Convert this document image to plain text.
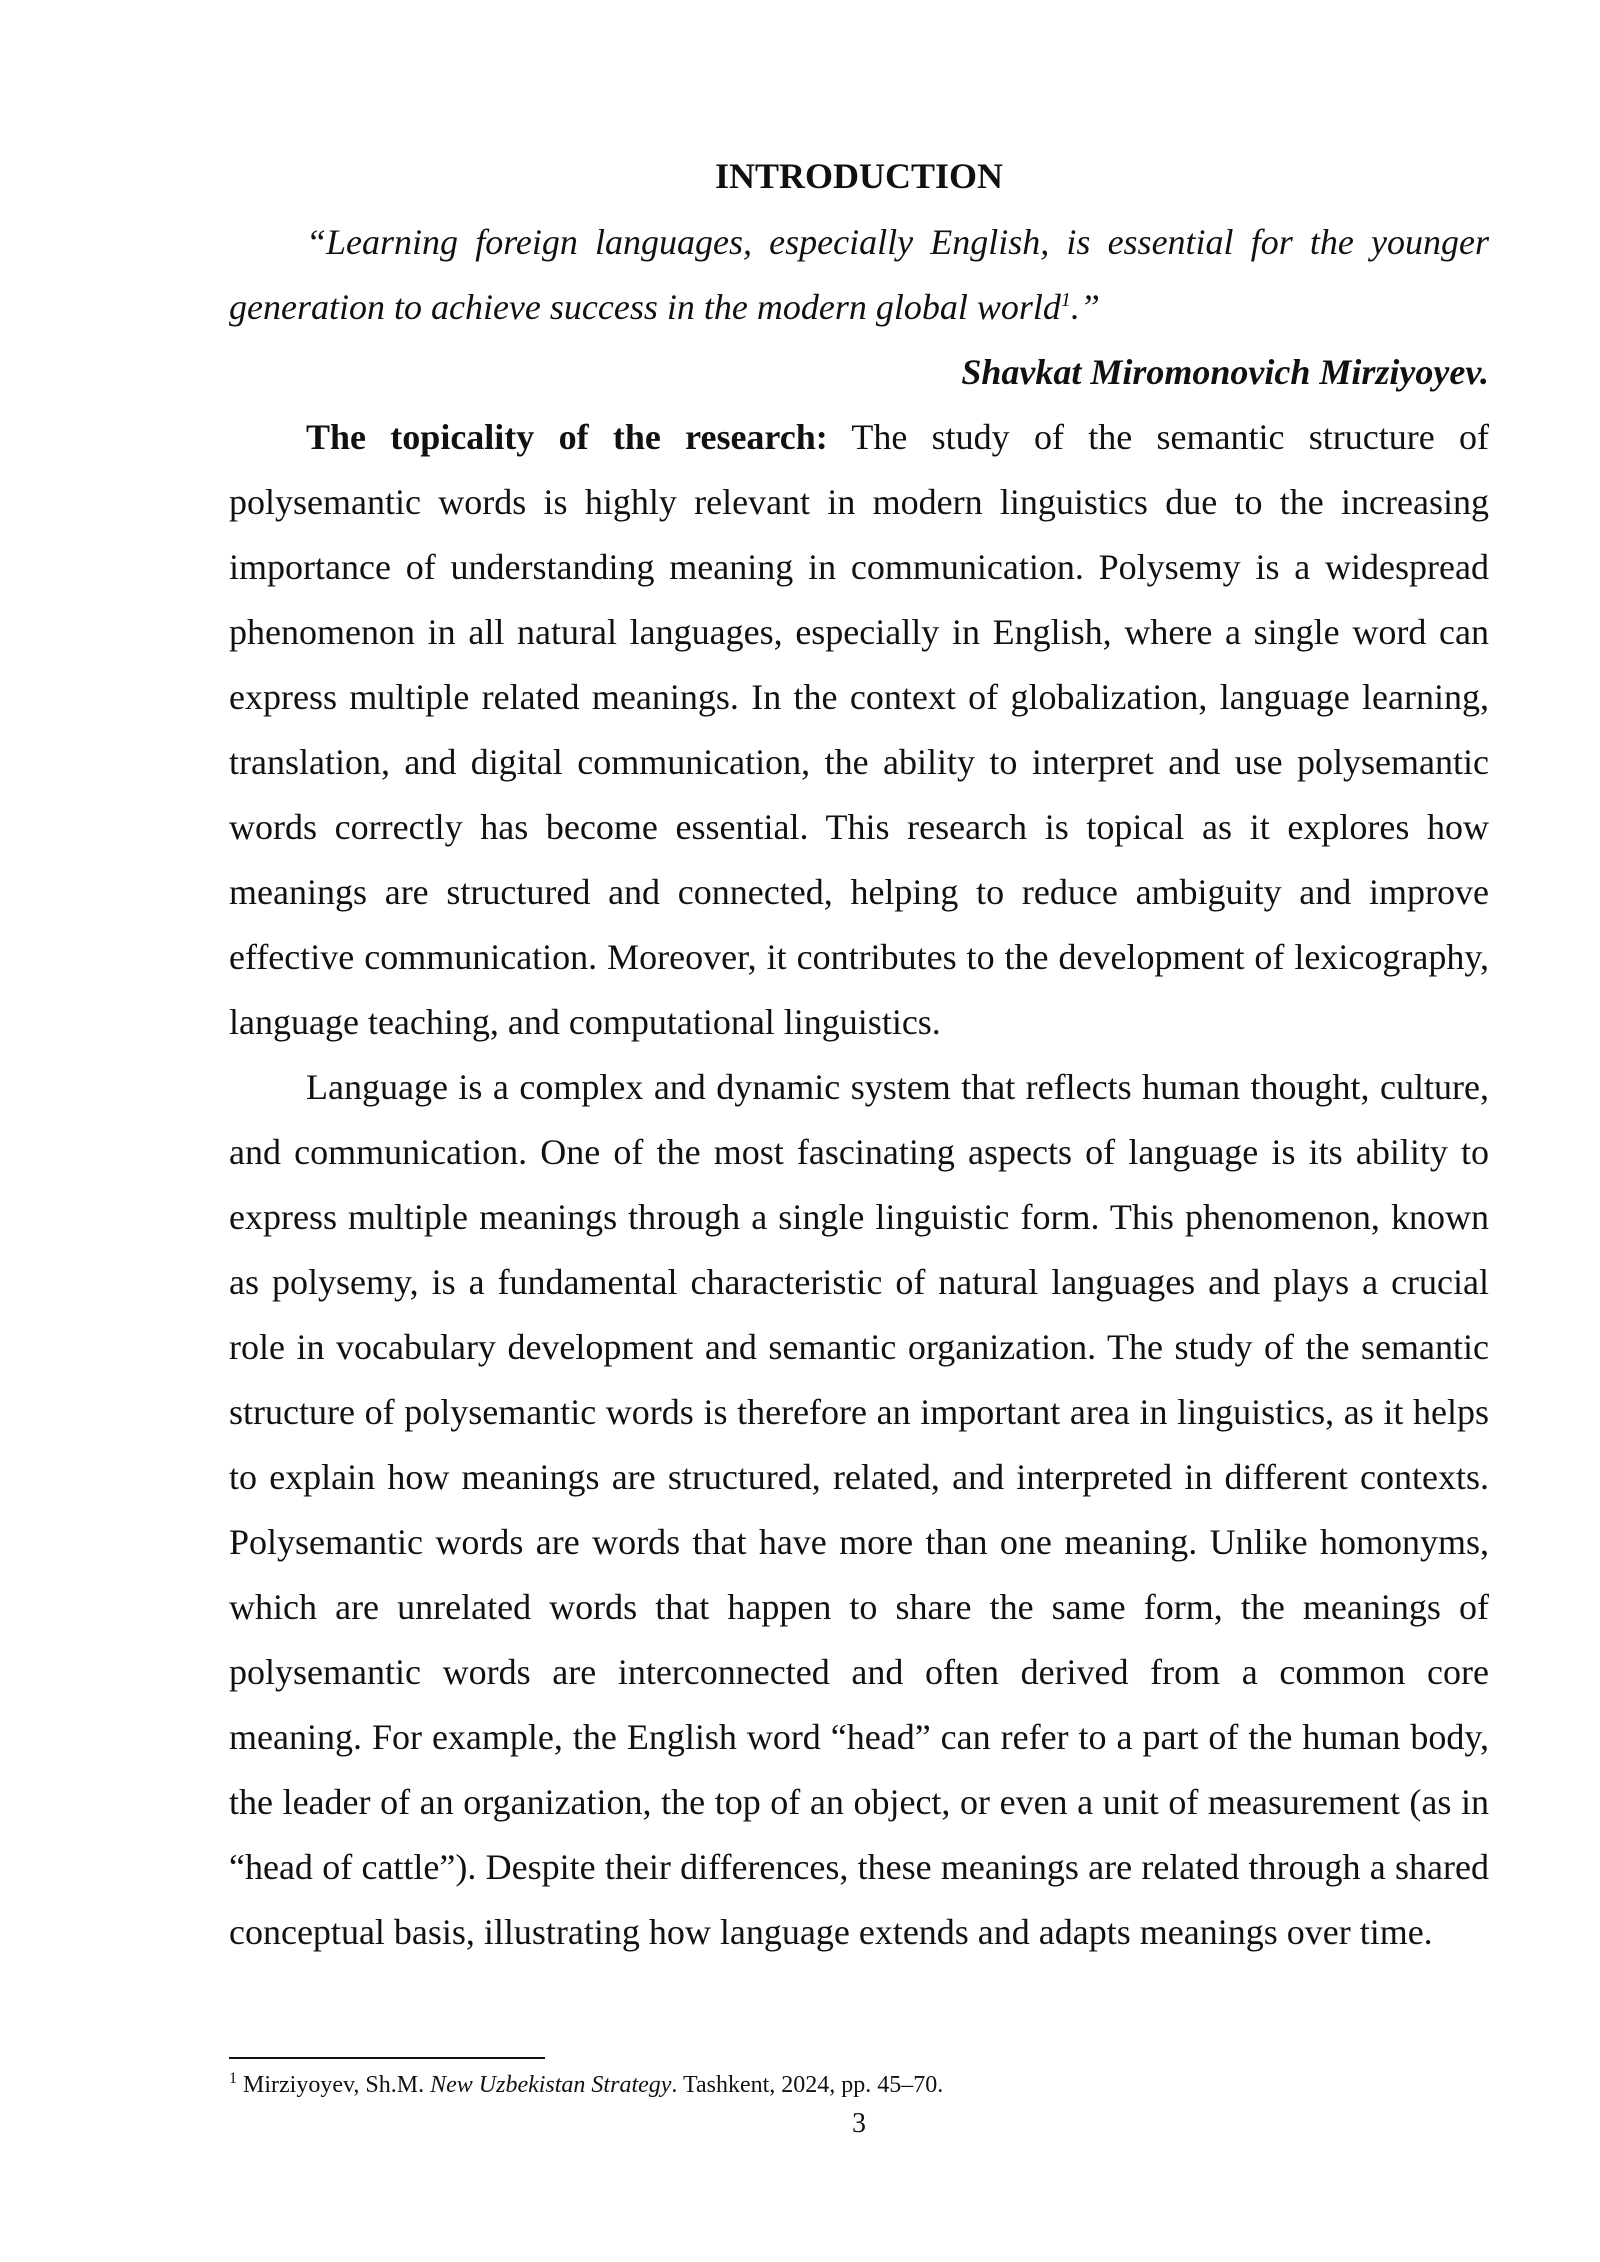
INTRODUCTION

“Learning foreign languages, especially English, is essential for the younger generation to achieve success in the modern global world$^1$.”

Shavkat Miromonovich Mirziyoyev.

The topicality of the research: The study of the semantic structure of polysemantic words is highly relevant in modern linguistics due to the increasing importance of understanding meaning in communication. Polysemy is a widespread phenomenon in all natural languages, especially in English, where a single word can express multiple related meanings. In the context of globalization, language learning, translation, and digital communication, the ability to interpret and use polysemantic words correctly has become essential. This research is topical as it explores how meanings are structured and connected, helping to reduce ambiguity and improve effective communication. Moreover, it contributes to the development of lexicography, language teaching, and computational linguistics.

Language is a complex and dynamic system that reflects human thought, culture, and communication. One of the most fascinating aspects of language is its ability to express multiple meanings through a single linguistic form. This phenomenon, known as polysemy, is a fundamental characteristic of natural languages and plays a crucial role in vocabulary development and semantic organization. The study of the semantic structure of polysemantic words is therefore an important area in linguistics, as it helps to explain how meanings are structured, related, and interpreted in different contexts. Polysemantic words are words that have more than one meaning. Unlike homonyms, which are unrelated words that happen to share the same form, the meanings of polysemantic words are interconnected and often derived from a common core meaning. For example, the English word “head” can refer to a part of the human body, the leader of an organization, the top of an object, or even a unit of measurement (as in “head of cattle”). Despite their differences, these meanings are related through a shared conceptual basis, illustrating how language extends and adapts meanings over time.

$^1$ Mirziyoyev, Sh.M. New Uzbekistan Strategy. Tashkent, 2024, pp. 45–70.
3
